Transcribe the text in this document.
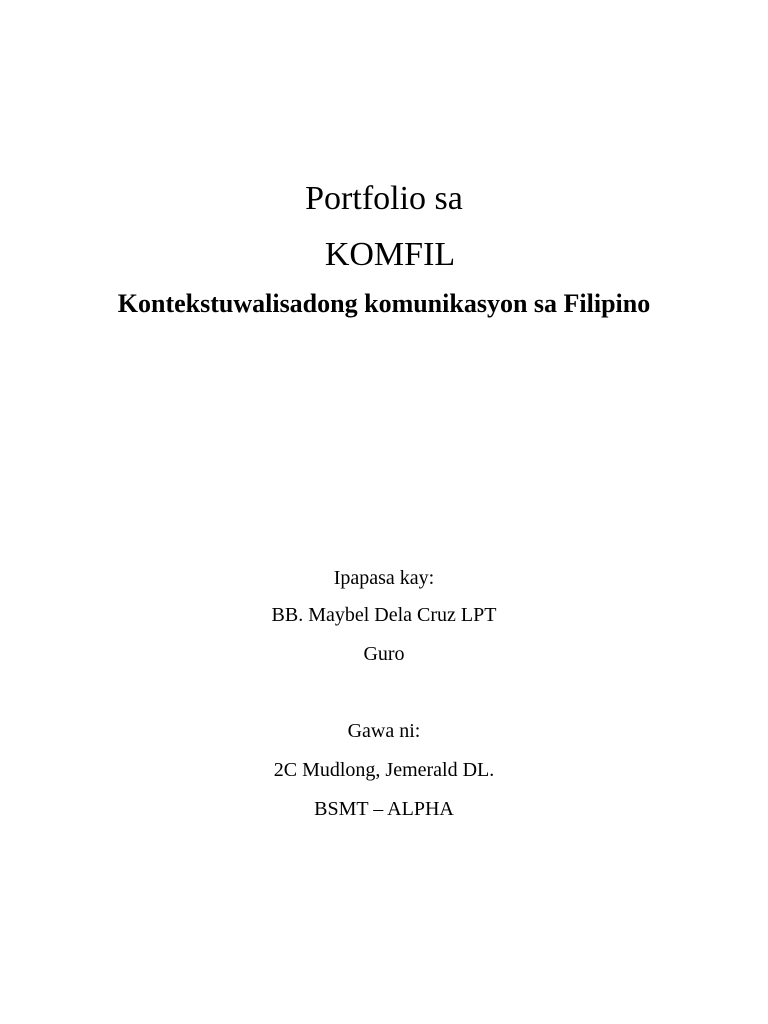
Portfolio sa
KOMFIL
Kontekstuwalisadong komunikasyon sa Filipino
Ipapasa kay:
BB. Maybel Dela Cruz LPT
Guro
Gawa ni:
2C Mudlong, Jemerald DL.
BSMT – ALPHA
